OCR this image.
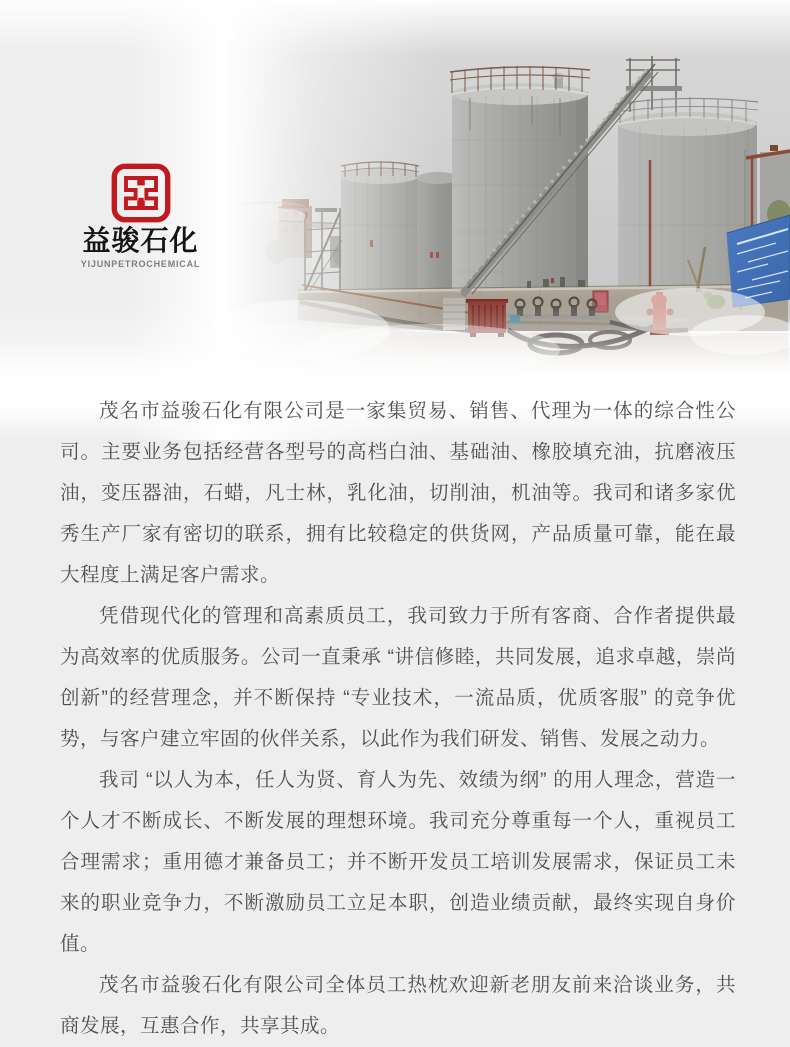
益骏石化
YIJUNPETROCHEMICAL

茂名市益骏石化有限公司是一家集贸易、销售、代理为一体的综合性公司。主要业务包括经营各型号的高档白油、基础油、橡胶填充油，抗磨液压油，变压器油，石蜡，凡士林，乳化油，切削油，机油等。我司和诸多家优秀生产厂家有密切的联系，拥有比较稳定的供货网，产品质量可靠，能在最大程度上满足客户需求。

凭借现代化的管理和高素质员工，我司致力于所有客商、合作者提供最为高效率的优质服务。公司一直秉承 “讲信修睦，共同发展，追求卓越，崇尚创新”的经营理念，并不断保持 “专业技术，一流品质，优质客服” 的竞争优势，与客户建立牢固的伙伴关系，以此作为我们研发、销售、发展之动力。

我司 “以人为本，任人为贤、育人为先、效绩为纲” 的用人理念，营造一个人才不断成长、不断发展的理想环境。我司充分尊重每一个人，重视员工合理需求；重用德才兼备员工；并不断开发员工培训发展需求，保证员工未来的职业竞争力，不断激励员工立足本职，创造业绩贡献，最终实现自身价值。

茂名市益骏石化有限公司全体员工热枕欢迎新老朋友前来洽谈业务，共商发展，互惠合作，共享其成。
